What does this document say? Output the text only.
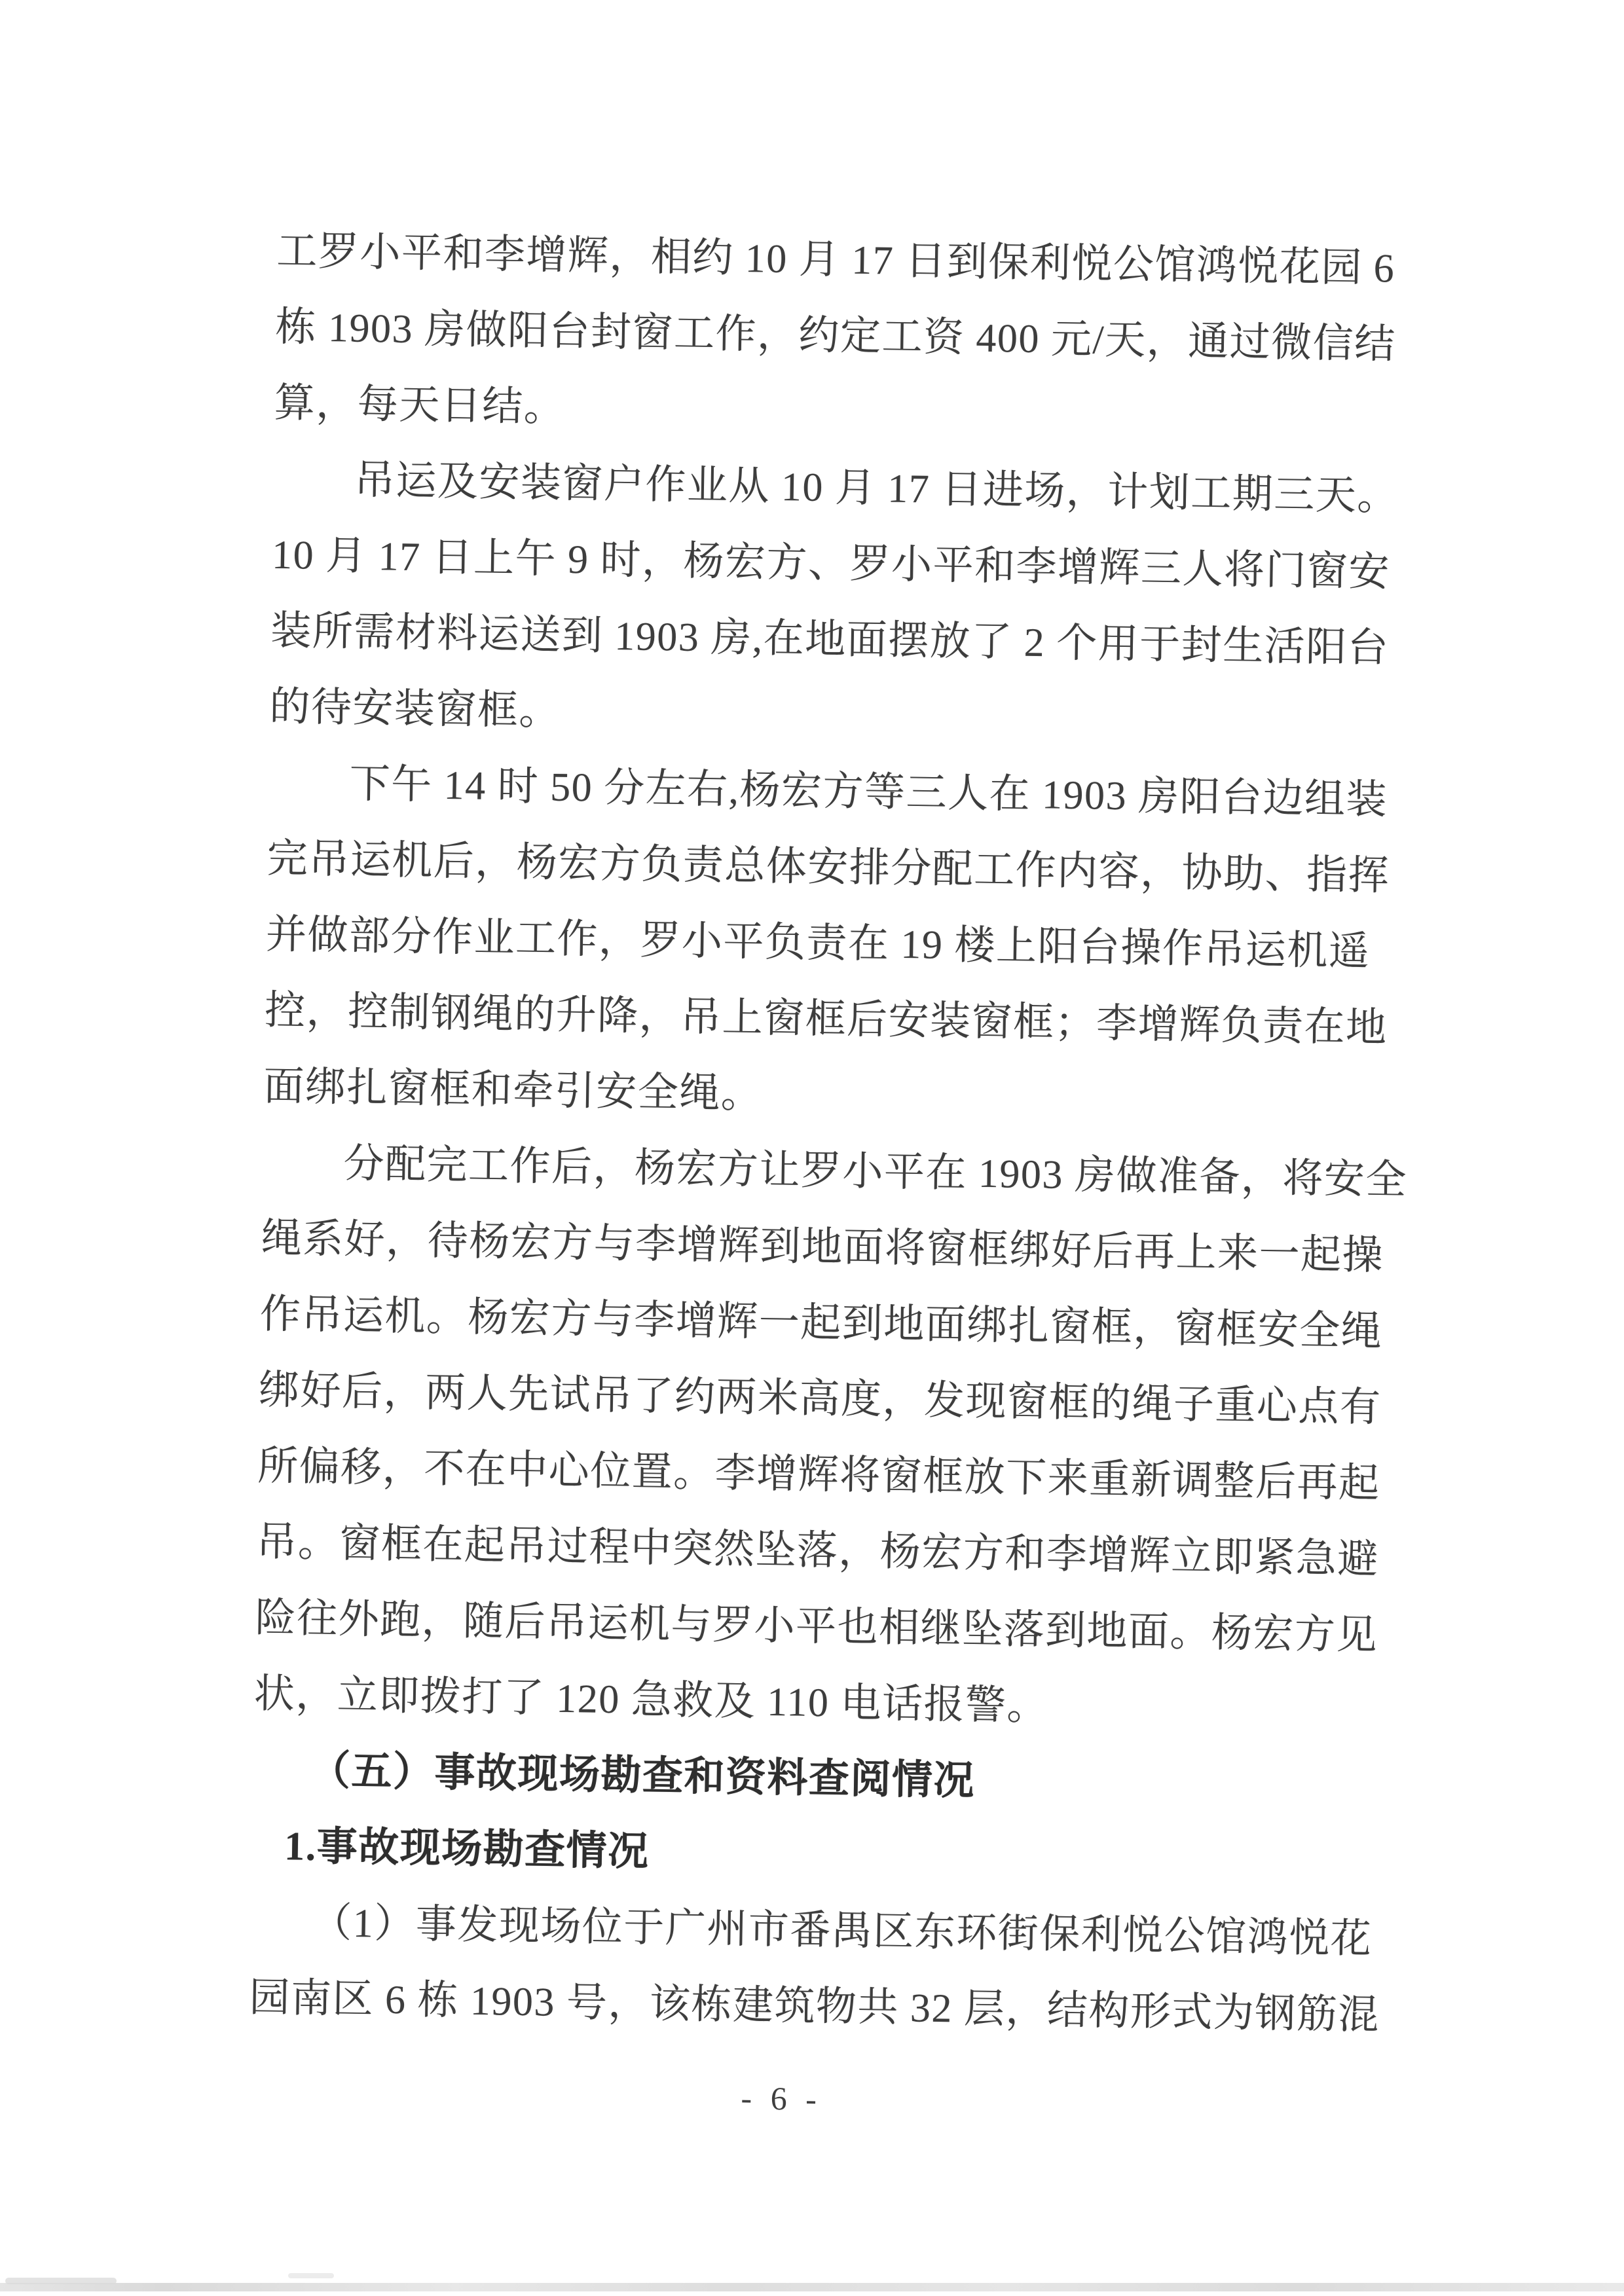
工罗小平和李增辉，相约 10 月 17 日到保利悦公馆鸿悦花园 6
栋 1903 房做阳台封窗工作，约定工资 400 元/天，通过微信结
算，每天日结。
吊运及安装窗户作业从 10 月 17 日进场，计划工期三天。
10 月 17 日上午 9 时，杨宏方、罗小平和李增辉三人将门窗安
装所需材料运送到 1903 房,在地面摆放了 2 个用于封生活阳台
的待安装窗框。
下午 14 时 50 分左右,杨宏方等三人在 1903 房阳台边组装
完吊运机后，杨宏方负责总体安排分配工作内容，协助、指挥
并做部分作业工作，罗小平负责在 19 楼上阳台操作吊运机遥
控，控制钢绳的升降，吊上窗框后安装窗框；李增辉负责在地
面绑扎窗框和牵引安全绳。
分配完工作后，杨宏方让罗小平在 1903 房做准备，将安全
绳系好，待杨宏方与李增辉到地面将窗框绑好后再上来一起操
作吊运机。杨宏方与李增辉一起到地面绑扎窗框，窗框安全绳
绑好后，两人先试吊了约两米高度，发现窗框的绳子重心点有
所偏移，不在中心位置。李增辉将窗框放下来重新调整后再起
吊。窗框在起吊过程中突然坠落，杨宏方和李增辉立即紧急避
险往外跑，随后吊运机与罗小平也相继坠落到地面。杨宏方见
状，立即拨打了 120 急救及 110 电话报警。
（五）事故现场勘查和资料查阅情况
1.事故现场勘查情况
（1）事发现场位于广州市番禺区东环街保利悦公馆鸿悦花
园南区 6 栋 1903 号，该栋建筑物共 32 层，结构形式为钢筋混
- 6 -
